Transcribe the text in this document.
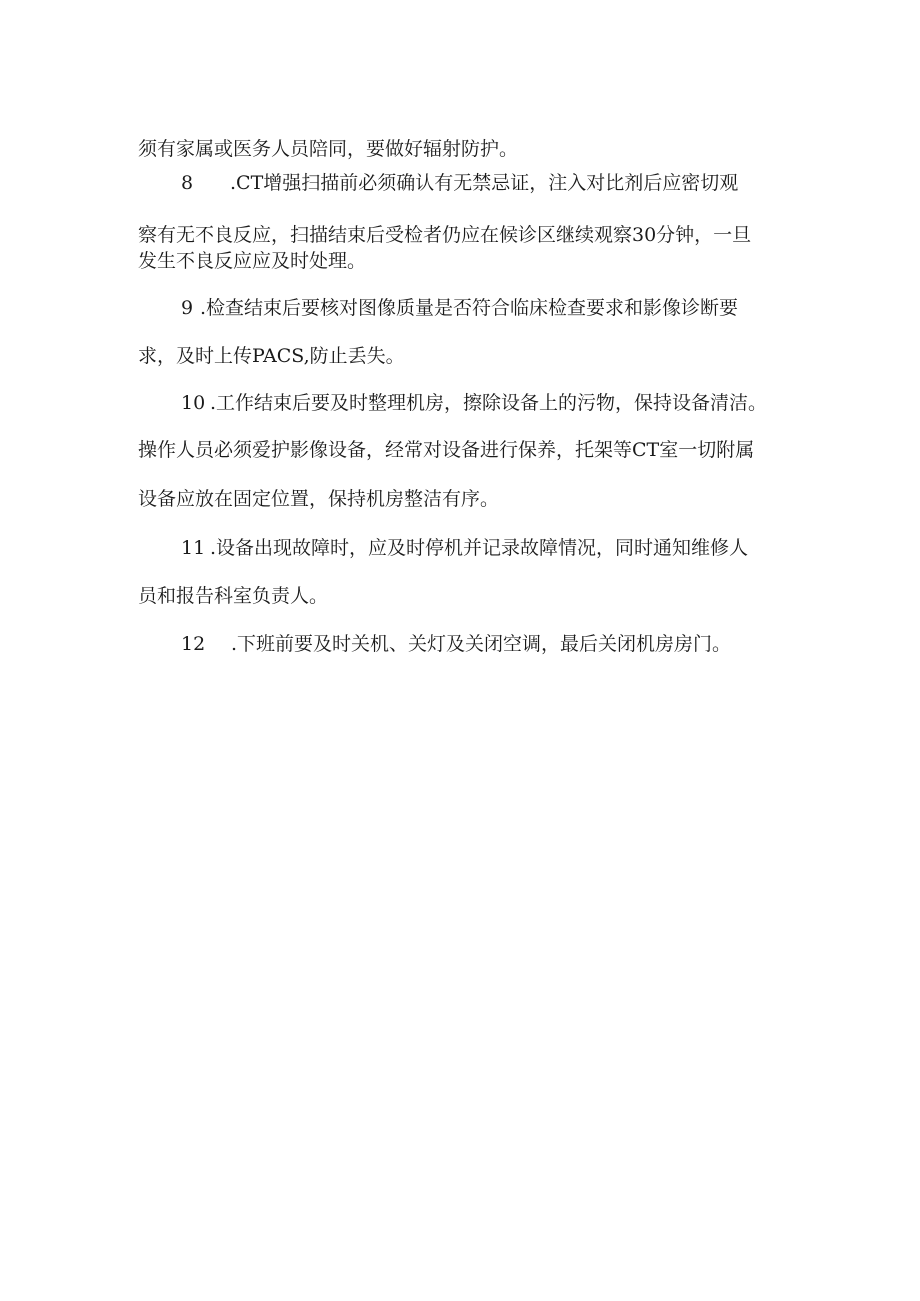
须有家属或医务人员陪同，要做好辐射防护。

8 .CT增强扫描前必须确认有无禁忌证，注入对比剂后应密切观

察有无不良反应，扫描结束后受检者仍应在候诊区继续观察30分钟，一旦

发生不良反应应及时处理。

9 .检查结束后要核对图像质量是否符合临床检查要求和影像诊断要

求，及时上传PACS,防止丢失。

10 .工作结束后要及时整理机房，擦除设备上的污物，保持设备清洁。

操作人员必须爱护影像设备，经常对设备进行保养，托架等CT室一切附属

设备应放在固定位置，保持机房整洁有序。

11 .设备出现故障时，应及时停机并记录故障情况，同时通知维修人

员和报告科室负责人。

12 .下班前要及时关机、关灯及关闭空调，最后关闭机房房门。
